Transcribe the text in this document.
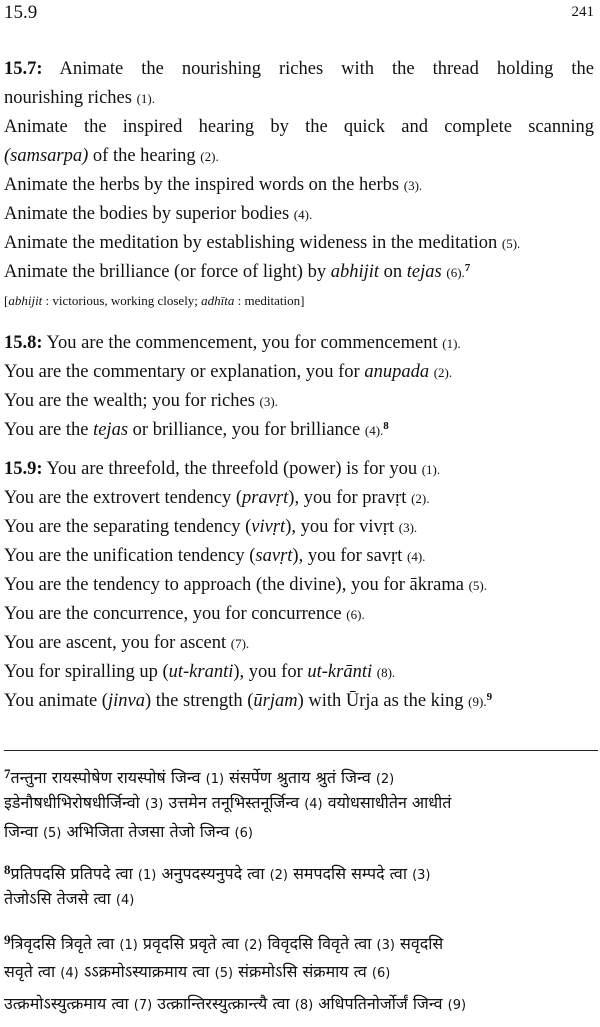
15.9	241
15.7: Animate the nourishing riches with the thread holding the
nourishing riches (1).
Animate the inspired hearing by the quick and complete scanning
(samsarpa) of the hearing (2).
Animate the herbs by the inspired words on the herbs (3).
Animate the bodies by superior bodies (4).
Animate the meditation by establishing wideness in the meditation (5).
Animate the brilliance (or force of light) by abhijit on tejas (6).$^7$
[abhijit : victorious, working closely; adhīta : meditation]
15.8: You are the commencement, you for commencement (1).
You are the commentary or explanation, you for anupada (2).
You are the wealth; you for riches (3).
You are the tejas or brilliance, you for brilliance (4).$^8$
15.9: You are threefold, the threefold (power) is for you (1).
You are the extrovert tendency (pravṛt), you for pravṛt (2).
You are the separating tendency (vivṛt), you for vivṛt (3).
You are the unification tendency (savṛt), you for savṛt (4).
You are the tendency to approach (the divine), you for ākrama (5).
You are the concurrence, you for concurrence (6).
You are ascent, you for ascent (7).
You for spiralling up (ut-kranti), you for ut-krānti (8).
You animate (jinva) the strength (ūrjam) with Ūrja as the king (9).$^9$
$^7$तन्तुना रायस्पोषेण रायस्पोषं जिन्व (1) संसर्पेण श्रुताय श्रुतं जिन्व (2)
इडेनौषधीभिरोषधीर्जिन्वो (3) उत्तमेन तनूभिस्तनूर्जिन्व (4) वयोधसाधीतेन आधीतं
जिन्वा (5) अभिजिता तेजसा तेजो जिन्व (6)
$^8$प्रतिपदसि प्रतिपदे त्वा (1) अनुपदस्यनुपदे त्वा (2) समपदसि सम्पदे त्वा (3)
तेजोऽसि तेजसे त्वा (4)
$^9$त्रिवृदसि त्रिवृते त्वा (1) प्रवृदसि प्रवृते त्वा (2) विवृदसि विवृते त्वा (3) सवृदसि
सवृते त्वा (4) ऽऽक्रमोऽस्याक्रमाय त्वा (5) संक्रमोऽसि संक्रमाय त्व (6)
उत्क्रमोऽस्युत्क्रमाय त्वा (7) उत्क्रान्तिरस्युत्क्रान्त्यै त्वा (8) अधिपतिनोर्जोर्जं जिन्व (9)
